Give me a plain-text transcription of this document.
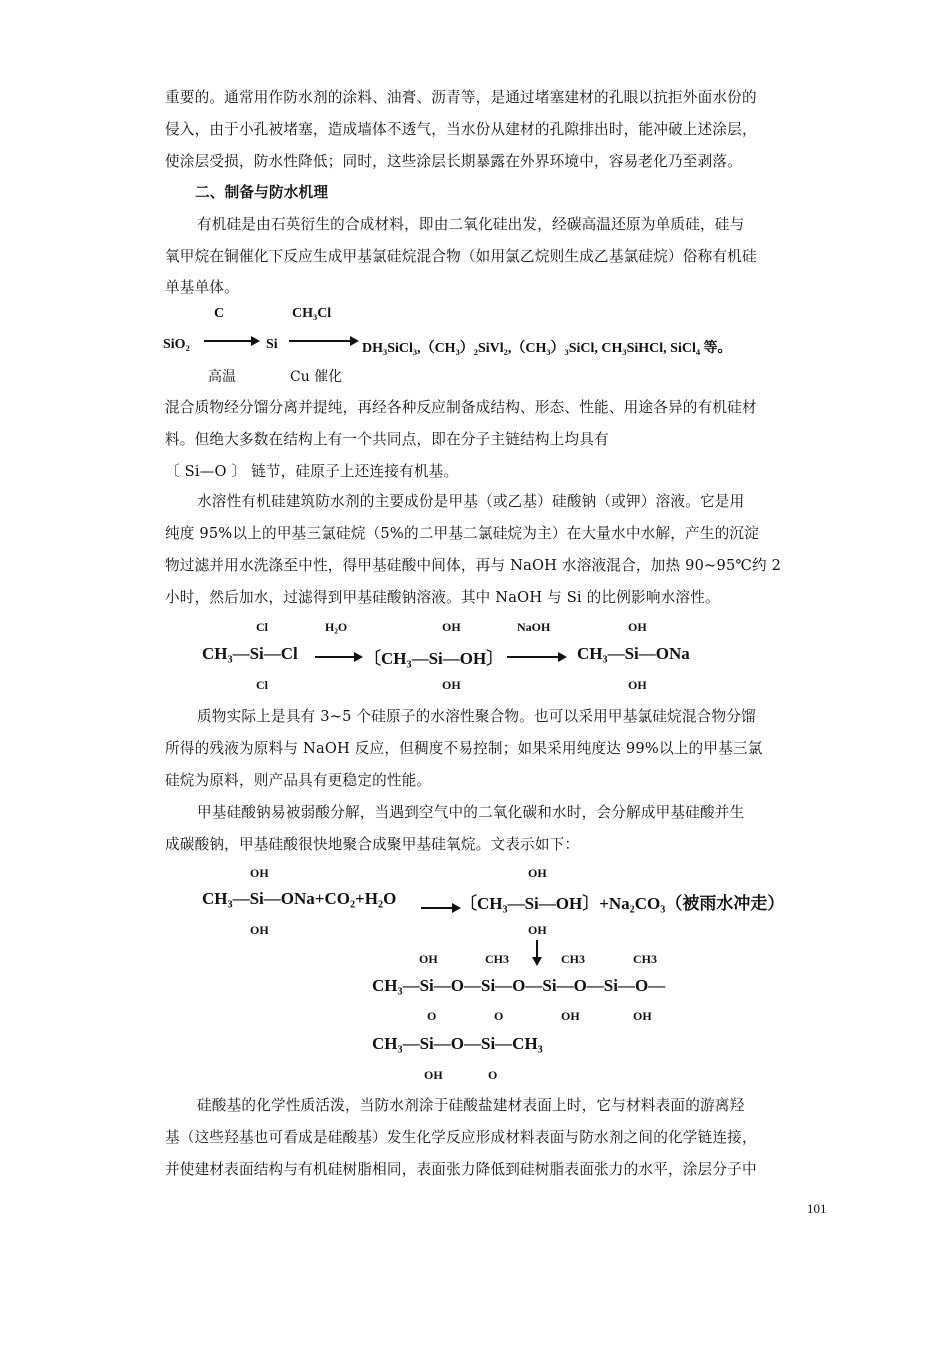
重要的。通常用作防水剂的涂料、油膏、沥青等，是通过堵塞建材的孔眼以抗拒外面水份的
侵入，由于小孔被堵塞，造成墙体不透气，当水份从建材的孔隙排出时，能冲破上述涂层，
使涂层受损，防水性降低；同时，这些涂层长期暴露在外界环境中，容易老化乃至剥落。
二、制备与防水机理
有机硅是由石英衍生的合成材料，即由二氧化硅出发，经碳高温还原为单质硅，硅与
氧甲烷在铜催化下反应生成甲基氯硅烷混合物（如用氯乙烷则生成乙基氯硅烷）俗称有机硅
单基单体。
C	CH₃Cl
SiO₂ → Si → DH₃SiCl₃,（CH₃）₂SiVl₂,（CH₃）₃SiCl, CH₃SiHCl, SiCl₄ 等。
高温	Cu 催化
混合质物经分馏分离并提纯，再经各种反应制备成结构、形态、性能、用途各异的有机硅材
料。但绝大多数在结构上有一个共同点，即在分子主链结构上均具有
〔 Si—O 〕 链节，硅原子上还连接有机基。
水溶性有机硅建筑防水剂的主要成份是甲基（或乙基）硅酸钠（或钾）溶液。它是用
纯度 95%以上的甲基三氯硅烷（5%的二甲基二氯硅烷为主）在大量水中水解，产生的沉淀
物过滤并用水洗涤至中性，得甲基硅酸中间体，再与 NaOH 水溶液混合，加热 90~95℃约 2
小时，然后加水，过滤得到甲基硅酸钠溶液。其中 NaOH 与 Si 的比例影响水溶性。
Cl	H₂O	OH	NaOH	OH
CH₃—Si—Cl → 〔CH₃—Si—OH〕 → CH₃—Si—ONa
Cl	OH	OH
质物实际上是具有 3~5 个硅原子的水溶性聚合物。也可以采用甲基氯硅烷混合物分馏
所得的残液为原料与 NaOH 反应，但稠度不易控制；如果采用纯度达 99%以上的甲基三氯
硅烷为原料，则产品具有更稳定的性能。
甲基硅酸钠易被弱酸分解，当遇到空气中的二氧化碳和水时，会分解成甲基硅酸并生
成碳酸钠，甲基硅酸很快地聚合成聚甲基硅氧烷。文表示如下：
OH	OH
CH₃—Si—ONa+CO₂+H₂O → 〔CH₃—Si—OH〕+Na₂CO₃（被雨水冲走）
OH	OH
OH	CH3	CH3	CH3
CH₃—Si—O—Si—O—Si—O—Si—O—
O	O	OH	OH
CH₃—Si—O—Si—CH₃
OH	O
硅酸基的化学性质活泼，当防水剂涂于硅酸盐建材表面上时，它与材料表面的游离羟
基（这些羟基也可看成是硅酸基）发生化学反应形成材料表面与防水剂之间的化学链连接，
并使建材表面结构与有机硅树脂相同，表面张力降低到硅树脂表面张力的水平，涂层分子中
101
